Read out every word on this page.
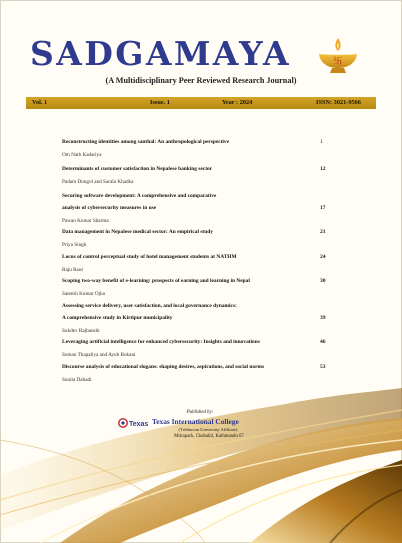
SADGAMAYA	卐
(A Multidisciplinary Peer Reviewed Research Journal)
Vol. 1	Issue. 1	Year : 2024	ISSN: 3021-9566
Reconstructing identities among santhal: An anthropological perspective
Om Nath Kadariya
1
Determinants of customer satisfaction in Nepalese banking sector
Padam Dongol and Sarala Khadka
12
Securing software development: A comprehensive and comparative
analysis of cybersecurity measures in use
Pawan Kumar Sharma
17
Data management in Nepalese medical sector: An empirical study
Priya Singh
21
Locus of control perceptual study of hotel management students at NATHM
Raju Raut
24
Scoping two-way benefit of e-learning: prospects of earning and learning in Nepal
Sateesh Kumar Ojha
30
Assessing service delivery, user satisfaction, and local governance dynamics:
A comprehensive study in Kirtipur municipality
Sukdev Rajbanshi
39
Leveraging artificial intelligence for enhanced cybersecurity: Insights and innovations
Suman Thapaliya and Ayub Bokani
46
Discourse analysis of educational slogans: shaping desires, aspirations, and social norms
Sunita Dabadi
53
Published by:
Texas Texas International College
(Tribhuvan University Affiliate)
Mitrapark, Chabahil, Kathmandu 07
